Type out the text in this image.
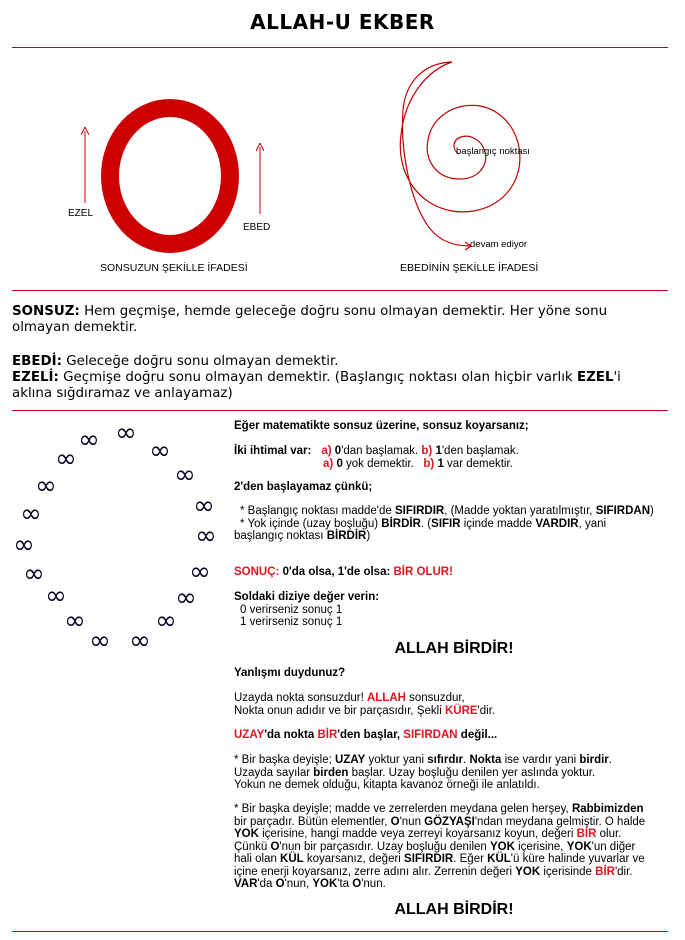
ALLAH-U EKBER
EZEL
EBED
SONSUZUN ŞEKİLLE İFADESİ
başlangıç noktası
devam ediyor
EBEDİNİN ŞEKİLLE İFADESİ

SONSUZ: Hem geçmişe, hemde geleceğe doğru sonu olmayan demektir. Her yöne sonu olmayan demektir.

EBEDİ: Geleceğe doğru sonu olmayan demektir.

EZELİ: Geçmişe doğru sonu olmayan demektir. (Başlangıç noktası olan hiçbir varlık EZEL'i aklına sığdıramaz ve anlayamaz)

∞
∞ ∞
∞
∞
∞
∞
∞
∞
∞
∞
∞
∞	∞
∞	∞
∞ ∞
Eğer matematikte sonsuz üzerine, sonsuz koyarsanız;

İki ihtimal var: a) 0'dan başlamak. b) 1'den başlamak.

a) 0 yok demektir. b) 1 var demektir.

2'den başlayamaz çünkü;

* Başlangıç noktası madde'de SIFIRDIR, (Madde yoktan yaratılmıştır, SIFIRDAN)

* Yok içinde (uzay boşluğu) BİRDİR. (SIFIR içinde madde VARDIR, yani

başlangıç noktası BİRDİR)

SONUÇ: 0'da olsa, 1'de olsa: BİR OLUR!

Soldaki diziye değer verin:

0 verirseniz sonuç 1

1 verirseniz sonuç 1

ALLAH BİRDİR!
Yanlışmı duydunuz?

Uzayda nokta sonsuzdur! ALLAH sonsuzdur,

Nokta onun adıdır ve bir parçasıdır, Şekli KÜRE'dir.

UZAY'da nokta BİR'den başlar, SIFIRDAN değil...

* Bir başka deyişle; UZAY yoktur yani sıfırdır. Nokta ise vardır yani birdir.

Uzayda sayılar birden başlar. Uzay boşluğu denilen yer aslında yoktur.

Yokun ne demek olduğu, kitapta kavanoz örneği ile anlatıldı.

* Bir başka deyişle; madde ve zerrelerden meydana gelen herşey, Rabbimizden

bir parçadır. Bütün elementler, O'nun GÖZYAŞI'ndan meydana gelmiştir. O halde

YOK içerisine, hangi madde veya zerreyi koyarsanız koyun, değeri BİR olur.

Çünkü O'nun bir parçasıdır. Uzay boşluğu denilen YOK içerisine, YOK'un diğer

hali olan KÜL koyarsanız, değeri SIFIRDIR. Eğer KÜL'ü küre halinde yuvarlar ve

içine enerji koyarsanız, zerre adını alır. Zerrenin değeri YOK içerisinde BİR'dir.

VAR'da O'nun, YOK'ta O'nun.

ALLAH BİRDİR!
